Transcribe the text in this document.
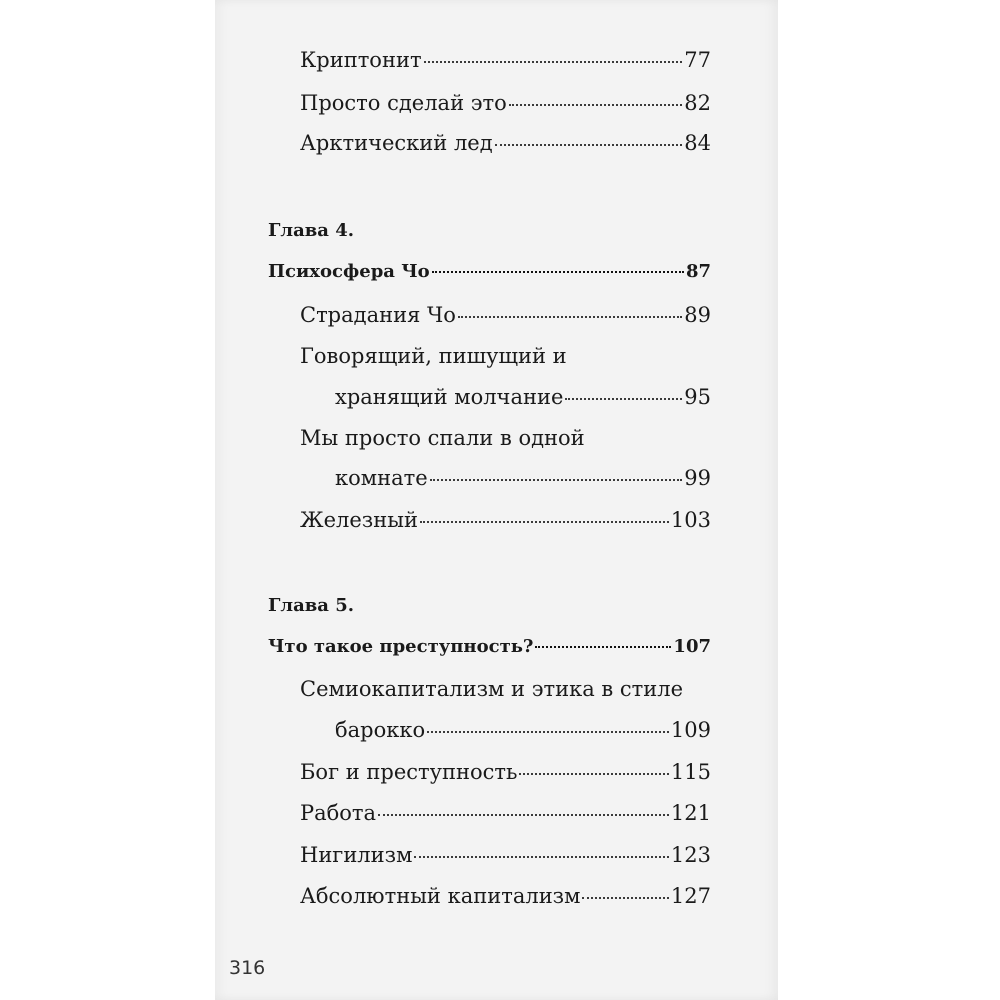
Криптонит	77
Просто сделай это	82
Арктический лед	84
Глава 4.
Психосфера Чо	87
Страдания Чо	89
Говорящий, пишущий и
хранящий молчание	95
Мы просто спали в одной
комнате	99
Железный	103
Глава 5.
Что такое преступность?	107
Семиокапитализм и этика в стиле
барокко	109
Бог и преступность	115
Работа	121
Нигилизм	123
Абсолютный капитализм	127
316
